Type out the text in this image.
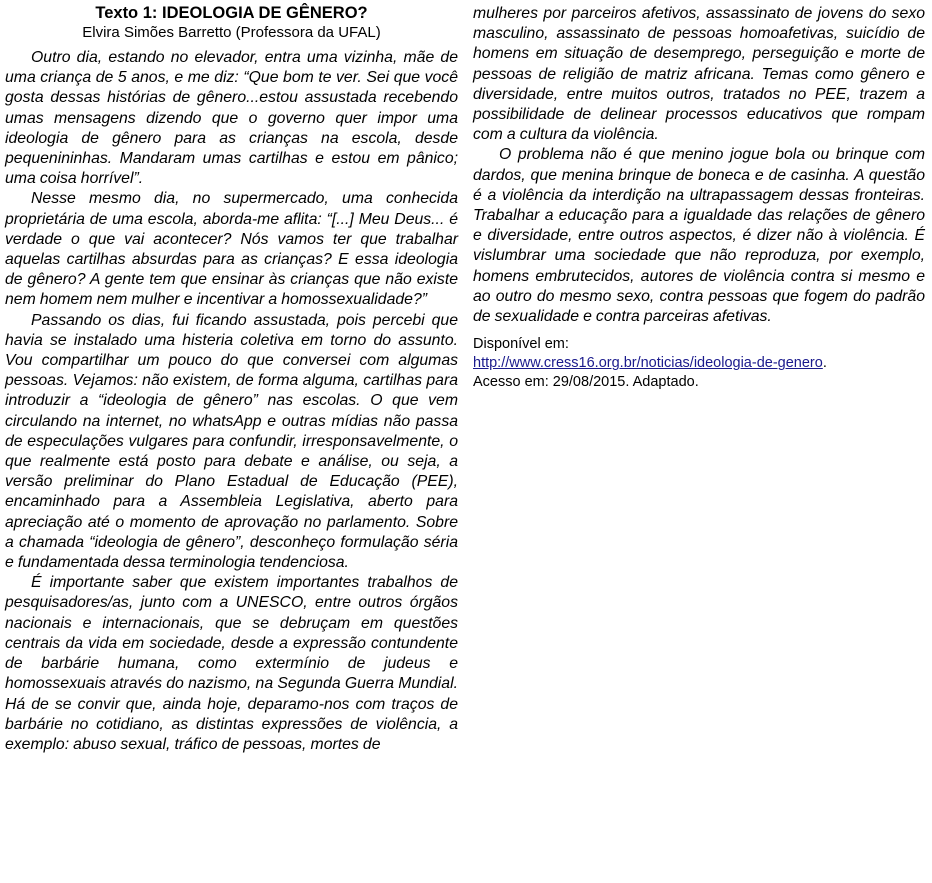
Texto 1: IDEOLOGIA DE GÊNERO?

Elvira Simões Barretto (Professora da UFAL)

Outro dia, estando no elevador, entra uma vizinha, mãe de uma criança de 5 anos, e me diz: “Que bom te ver. Sei que você gosta dessas histórias de gênero...estou assustada recebendo umas mensagens dizendo que o governo quer impor uma ideologia de gênero para as crianças na escola, desde pequenininhas. Mandaram umas cartilhas e estou em pânico; uma coisa horrível”.

Nesse mesmo dia, no supermercado, uma conhecida proprietária de uma escola, aborda-me aflita: “[...] Meu Deus... é verdade o que vai acontecer? Nós vamos ter que trabalhar aquelas cartilhas absurdas para as crianças? E essa ideologia de gênero? A gente tem que ensinar às crianças que não existe nem homem nem mulher e incentivar a homossexualidade?”

Passando os dias, fui ficando assustada, pois percebi que havia se instalado uma histeria coletiva em torno do assunto. Vou compartilhar um pouco do que conversei com algumas pessoas. Vejamos: não existem, de forma alguma, cartilhas para introduzir a “ideologia de gênero” nas escolas. O que vem circulando na internet, no whatsApp e outras mídias não passa de especulações vulgares para confundir, irresponsavelmente, o que realmente está posto para debate e análise, ou seja, a versão preliminar do Plano Estadual de Educação (PEE), encaminhado para a Assembleia Legislativa, aberto para apreciação até o momento de aprovação no parlamento. Sobre a chamada “ideologia de gênero”, desconheço formulação séria e fundamentada dessa terminologia tendenciosa.

É importante saber que existem importantes trabalhos de pesquisadores/as, junto com a UNESCO, entre outros órgãos nacionais e internacionais, que se debruçam em questões centrais da vida em sociedade, desde a expressão contundente de barbárie humana, como extermínio de judeus e homossexuais através do nazismo, na Segunda Guerra Mundial. Há de se convir que, ainda hoje, deparamo-nos com traços de barbárie no cotidiano, as distintas expressões de violência, a exemplo: abuso sexual, tráfico de pessoas, mortes de

mulheres por parceiros afetivos, assassinato de jovens do sexo masculino, assassinato de pessoas homoafetivas, suicídio de homens em situação de desemprego, perseguição e morte de pessoas de religião de matriz africana. Temas como gênero e diversidade, entre muitos outros, tratados no PEE, trazem a possibilidade de delinear processos educativos que rompam com a cultura da violência.

O problema não é que menino jogue bola ou brinque com dardos, que menina brinque de boneca e de casinha. A questão é a violência da interdição na ultrapassagem dessas fronteiras. Trabalhar a educação para a igualdade das relações de gênero e diversidade, entre outros aspectos, é dizer não à violência. É vislumbrar uma sociedade que não reproduza, por exemplo, homens embrutecidos, autores de violência contra si mesmo e ao outro do mesmo sexo, contra pessoas que fogem do padrão de sexualidade e contra parceiras afetivas.

Disponível em:
http://www.cress16.org.br/noticias/ideologia-de-genero.
Acesso em: 29/08/2015. Adaptado.
